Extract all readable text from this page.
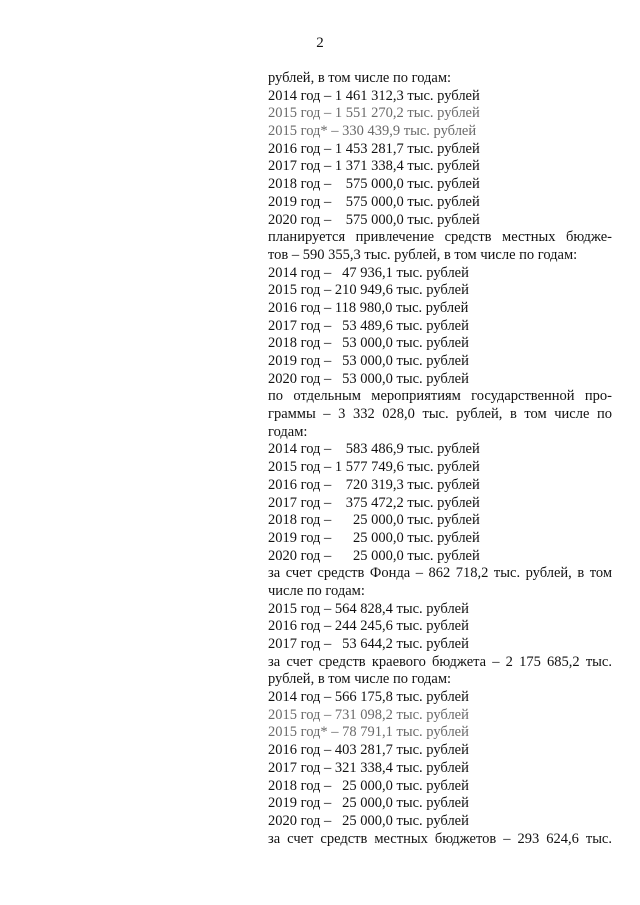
2
рублей, в том числе по годам:
2014 год – 1 461 312,3 тыс. рублей
2015 год – 1 551 270,2 тыс. рублей
2015 год* – 330 439,9 тыс. рублей
2016 год – 1 453 281,7 тыс. рублей
2017 год – 1 371 338,4 тыс. рублей
2018 год –    575 000,0 тыс. рублей
2019 год –    575 000,0 тыс. рублей
2020 год –    575 000,0 тыс. рублей
планируется привлечение средств местных бюдже-
тов – 590 355,3 тыс. рублей, в том числе по годам:
2014 год –   47 936,1 тыс. рублей
2015 год – 210 949,6 тыс. рублей
2016 год – 118 980,0 тыс. рублей
2017 год –   53 489,6 тыс. рублей
2018 год –   53 000,0 тыс. рублей
2019 год –   53 000,0 тыс. рублей
2020 год –   53 000,0 тыс. рублей
по отдельным мероприятиям государственной про-
граммы – 3 332 028,0 тыс. рублей, в том числе по
годам:
2014 год –    583 486,9 тыс. рублей
2015 год – 1 577 749,6 тыс. рублей
2016 год –    720 319,3 тыс. рублей
2017 год –    375 472,2 тыс. рублей
2018 год –      25 000,0 тыс. рублей
2019 год –      25 000,0 тыс. рублей
2020 год –      25 000,0 тыс. рублей
за счет средств Фонда – 862 718,2 тыс. рублей, в том
числе по годам:
2015 год – 564 828,4 тыс. рублей
2016 год – 244 245,6 тыс. рублей
2017 год –   53 644,2 тыс. рублей
за счет средств краевого бюджета – 2 175 685,2 тыс.
рублей, в том числе по годам:
2014 год – 566 175,8 тыс. рублей
2015 год – 731 098,2 тыс. рублей
2015 год* – 78 791,1 тыс. рублей
2016 год – 403 281,7 тыс. рублей
2017 год – 321 338,4 тыс. рублей
2018 год –   25 000,0 тыс. рублей
2019 год –   25 000,0 тыс. рублей
2020 год –   25 000,0 тыс. рублей
за счет средств местных бюджетов – 293 624,6 тыс.
